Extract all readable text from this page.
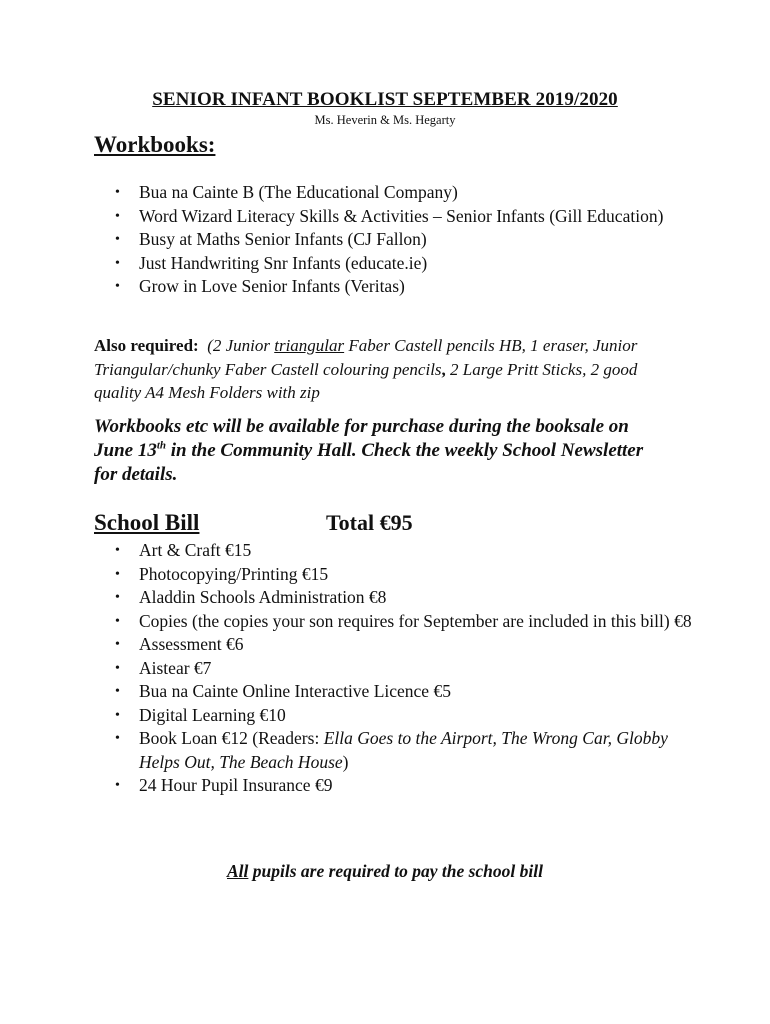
SENIOR INFANT BOOKLIST SEPTEMBER 2019/2020
Ms. Heverin & Ms. Hegarty
Workbooks:
• Bua na Cainte B (The Educational Company)
• Word Wizard Literacy Skills & Activities – Senior Infants (Gill Education)
• Busy at Maths Senior Infants (CJ Fallon)
• Just Handwriting Snr Infants (educate.ie)
• Grow in Love Senior Infants (Veritas)
Also required: (2 Junior triangular Faber Castell pencils HB, 1 eraser, Junior Triangular/chunky Faber Castell colouring pencils, 2 Large Pritt Sticks, 2 good quality A4 Mesh Folders with zip
Workbooks etc will be available for purchase during the booksale on June 13th in the Community Hall. Check the weekly School Newsletter for details.
School Bill	Total €95
• Art & Craft €15
• Photocopying/Printing €15
• Aladdin Schools Administration €8
• Copies (the copies your son requires for September are included in this bill) €8
• Assessment €6
• Aistear €7
• Bua na Cainte Online Interactive Licence €5
• Digital Learning €10
• Book Loan €12 (Readers: Ella Goes to the Airport, The Wrong Car, Globby Helps Out, The Beach House)
• 24 Hour Pupil Insurance €9
All pupils are required to pay the school bill
